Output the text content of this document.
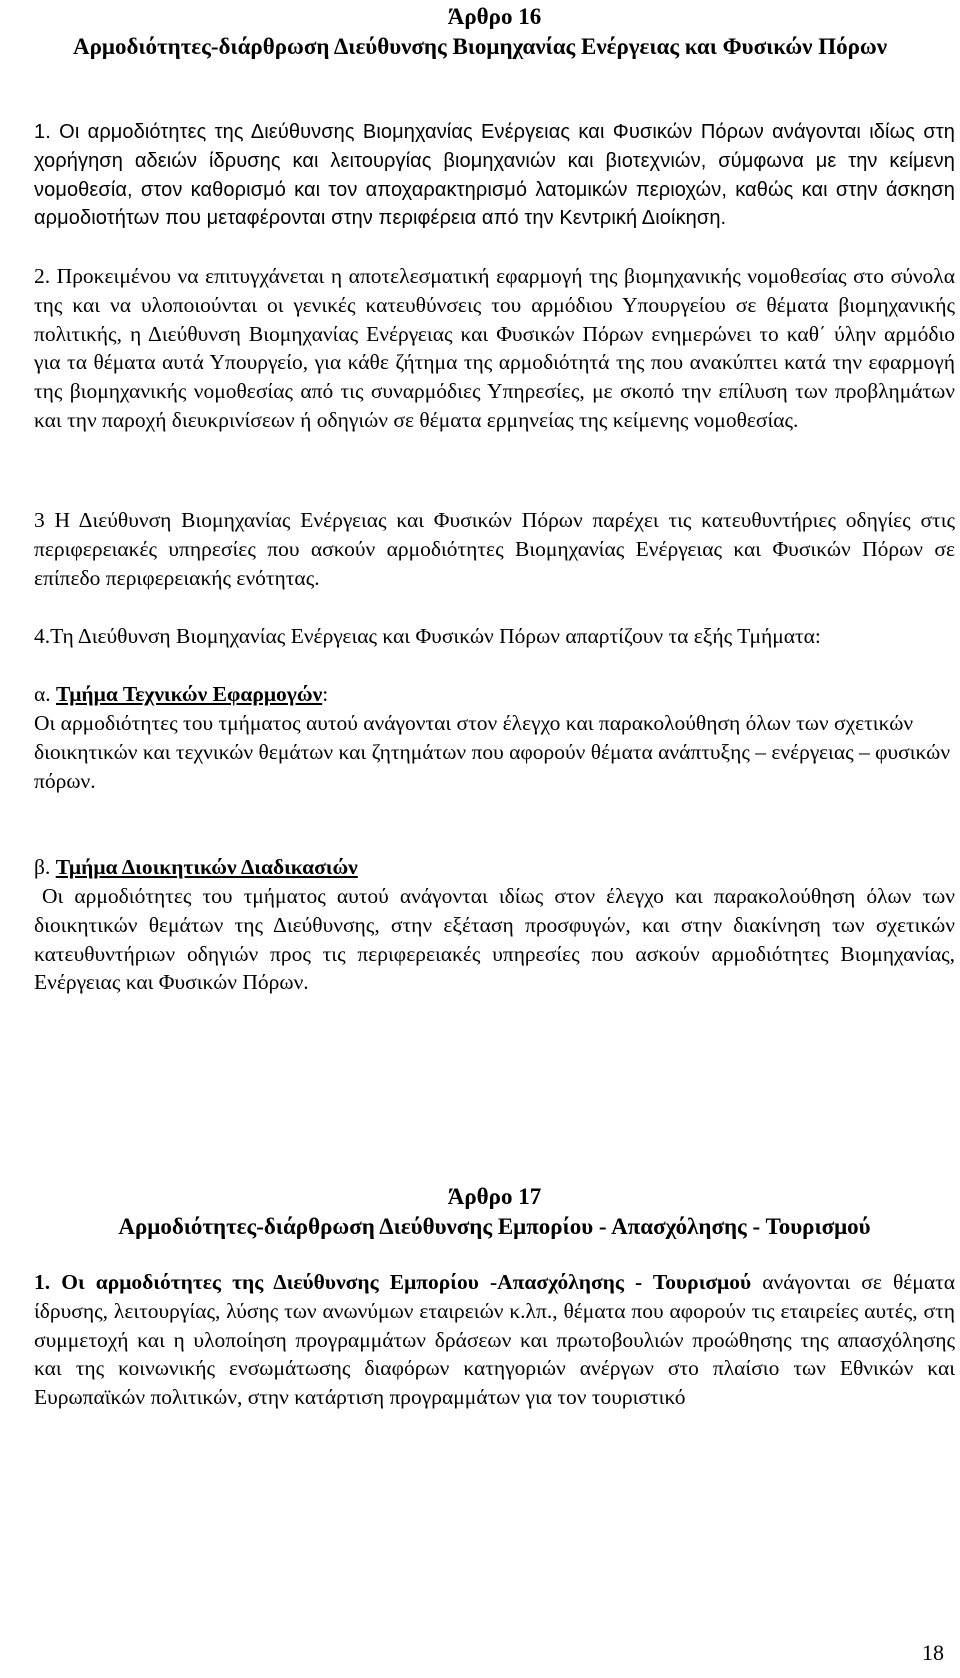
Άρθρο 16
Αρμοδιότητες-διάρθρωση Διεύθυνσης Βιομηχανίας Ενέργειας και Φυσικών Πόρων

1. Οι αρμοδιότητες της Διεύθυνσης Βιομηχανίας Ενέργειας και Φυσικών Πόρων ανάγονται ιδίως στη χορήγηση αδειών ίδρυσης και λειτουργίας βιομηχανιών και βιοτεχνιών, σύμφωνα με την κείμενη νομοθεσία, στον καθορισμό και τον αποχαρακτηρισμό λατομικών περιοχών, καθώς και στην άσκηση αρμοδιοτήτων που μεταφέρονται στην περιφέρεια από την Κεντρική Διοίκηση.

2. Προκειμένου να επιτυγχάνεται η αποτελεσματική εφαρμογή της βιομηχανικής νομοθεσίας στο σύνολα της και να υλοποιούνται οι γενικές κατευθύνσεις του αρμόδιου Υπουργείου σε θέματα βιομηχανικής πολιτικής, η Διεύθυνση Βιομηχανίας Ενέργειας και Φυσικών Πόρων ενημερώνει το καθ΄ ύλην αρμόδιο για τα θέματα αυτά Υπουργείο, για κάθε ζήτημα της αρμοδιότητά της που ανακύπτει κατά την εφαρμογή της βιομηχανικής νομοθεσίας από τις συναρμόδιες Υπηρεσίες, με σκοπό την επίλυση των προβλημάτων και την παροχή διευκρινίσεων ή οδηγιών σε θέματα ερμηνείας της κείμενης νομοθεσίας.

3 Η Διεύθυνση Βιομηχανίας Ενέργειας και Φυσικών Πόρων παρέχει τις κατευθυντήριες οδηγίες στις περιφερειακές υπηρεσίες που ασκούν αρμοδιότητες Βιομηχανίας Ενέργειας και Φυσικών Πόρων σε επίπεδο περιφερειακής ενότητας.

4.Τη Διεύθυνση Βιομηχανίας Ενέργειας και Φυσικών Πόρων απαρτίζουν τα εξής Τμήματα:

α. Τμήμα Τεχνικών Εφαρμογών:

Οι αρμοδιότητες του τμήματος αυτού ανάγονται στον έλεγχο και παρακολούθηση όλων των σχετικών διοικητικών και τεχνικών θεμάτων και ζητημάτων που αφορούν θέματα ανάπτυξης – ενέργειας – φυσικών πόρων.

β. Τμήμα Διοικητικών Διαδικασιών

Οι αρμοδιότητες του τμήματος αυτού ανάγονται ιδίως στον έλεγχο και παρακολούθηση όλων των διοικητικών θεμάτων της Διεύθυνσης, στην εξέταση προσφυγών, και στην διακίνηση των σχετικών κατευθυντήριων οδηγιών προς τις περιφερειακές υπηρεσίες που ασκούν αρμοδιότητες Βιομηχανίας, Ενέργειας και Φυσικών Πόρων.

Άρθρο 17
Αρμοδιότητες-διάρθρωση Διεύθυνσης Εμπορίου - Απασχόλησης - Τουρισμού

1. Οι αρμοδιότητες της Διεύθυνσης Εμπορίου -Απασχόλησης - Τουρισμού ανάγονται σε θέματα ίδρυσης, λειτουργίας, λύσης των ανωνύμων εταιρειών κ.λπ., θέματα που αφορούν τις εταιρείες αυτές, στη συμμετοχή και η υλοποίηση προγραμμάτων δράσεων και πρωτοβουλιών προώθησης της απασχόλησης και της κοινωνικής ενσωμάτωσης διαφόρων κατηγοριών ανέργων στο πλαίσιο των Εθνικών και Ευρωπαϊκών πολιτικών, στην κατάρτιση προγραμμάτων για τον τουριστικό

18
